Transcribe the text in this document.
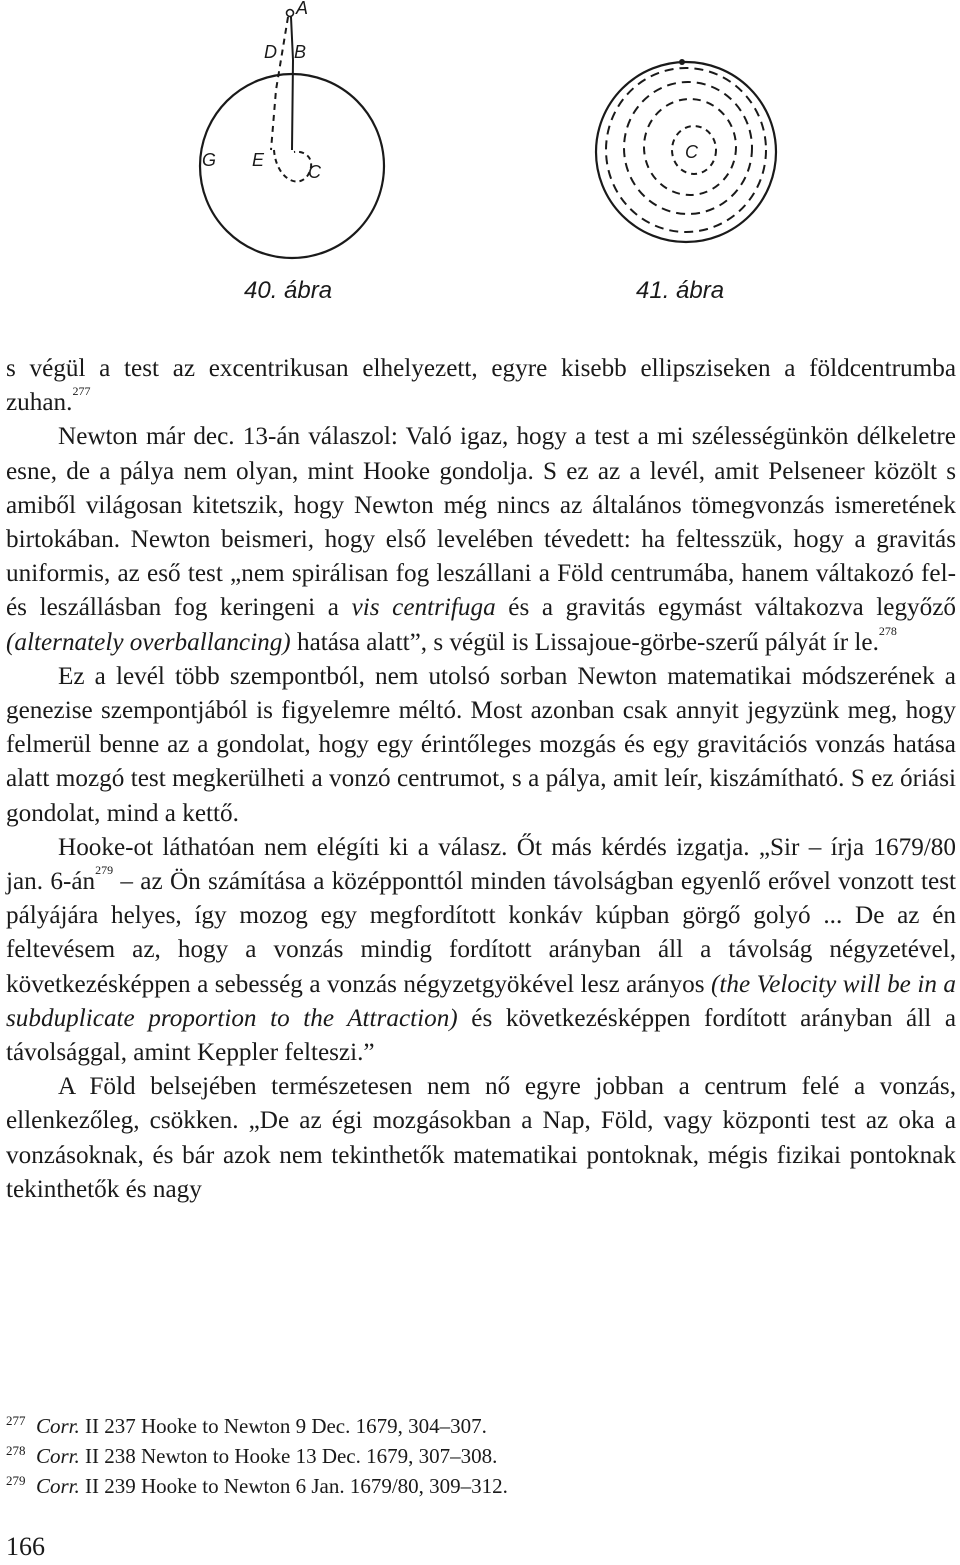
A
D B
G E
C
C
40. ábra	41. ábra

s végül a test az excentrikusan elhelyezett, egyre kisebb ellipsziseken a földcentrumba zuhan.$^{277}$

Newton már dec. 13-án válaszol: Való igaz, hogy a test a mi szélességünkön délkeletre esne, de a pálya nem olyan, mint Hooke gondolja. S ez az a levél, amit Pelseneer közölt s amiből világosan kitetszik, hogy Newton még nincs az általános tömegvonzás ismeretének birtokában. Newton beismeri, hogy első levelében tévedett: ha feltesszük, hogy a gravitás uniformis, az eső test „nem spirálisan fog leszállani a Föld centrumába, hanem váltakozó fel- és leszállásban fog keringeni a vis centrifuga és a gravitás egymást váltakozva legyőző (alternately overballancing) hatása alatt”, s végül is Lissajoue-görbe-szerű pályát ír le.$^{278}$

Ez a levél több szempontból, nem utolsó sorban Newton matematikai módszerének a genezise szempontjából is figyelemre méltó. Most azonban csak annyit jegyzünk meg, hogy felmerül benne az a gondolat, hogy egy érintőleges mozgás és egy gravitációs vonzás hatása alatt mozgó test megkerülheti a vonzó centrumot, s a pálya, amit leír, kiszámítható. S ez óriási gondolat, mind a kettő.

Hooke-ot láthatóan nem elégíti ki a válasz. Őt más kérdés izgatja. „Sir – írja 1679/80 jan. $6-án^{279}$ – az Ön számítása a középponttól minden távolságban egyenlő erővel vonzott test pályájára helyes, így mozog egy megfordított konkáv kúpban görgő golyó ... De az én feltevésem az, hogy a vonzás mindig fordított arányban áll a távolság négyzetével, következésképpen a sebesség a vonzás négyzetgyökével lesz arányos (the Velocity will be in a subduplicate proportion to the Attraction) és következésképpen fordított arányban áll a távolsággal, amint Keppler felteszi.”

A Föld belsejében természetesen nem nő egyre jobban a centrum felé a vonzás, ellenkezőleg, csökken. „De az égi mozgásokban a Nap, Föld, vagy központi test az oka a vonzásoknak, és bár azok nem tekinthetők matematikai pontoknak, mégis fizikai pontoknak tekinthetők és nagy

277 Corr. II 237 Hooke to Newton 9 Dec. 1679, 304–307.
278 Corr. II 238 Newton to Hooke 13 Dec. 1679, 307–308.
279 Corr. II 239 Hooke to Newton 6 Jan. 1679/80, 309–312.
166
